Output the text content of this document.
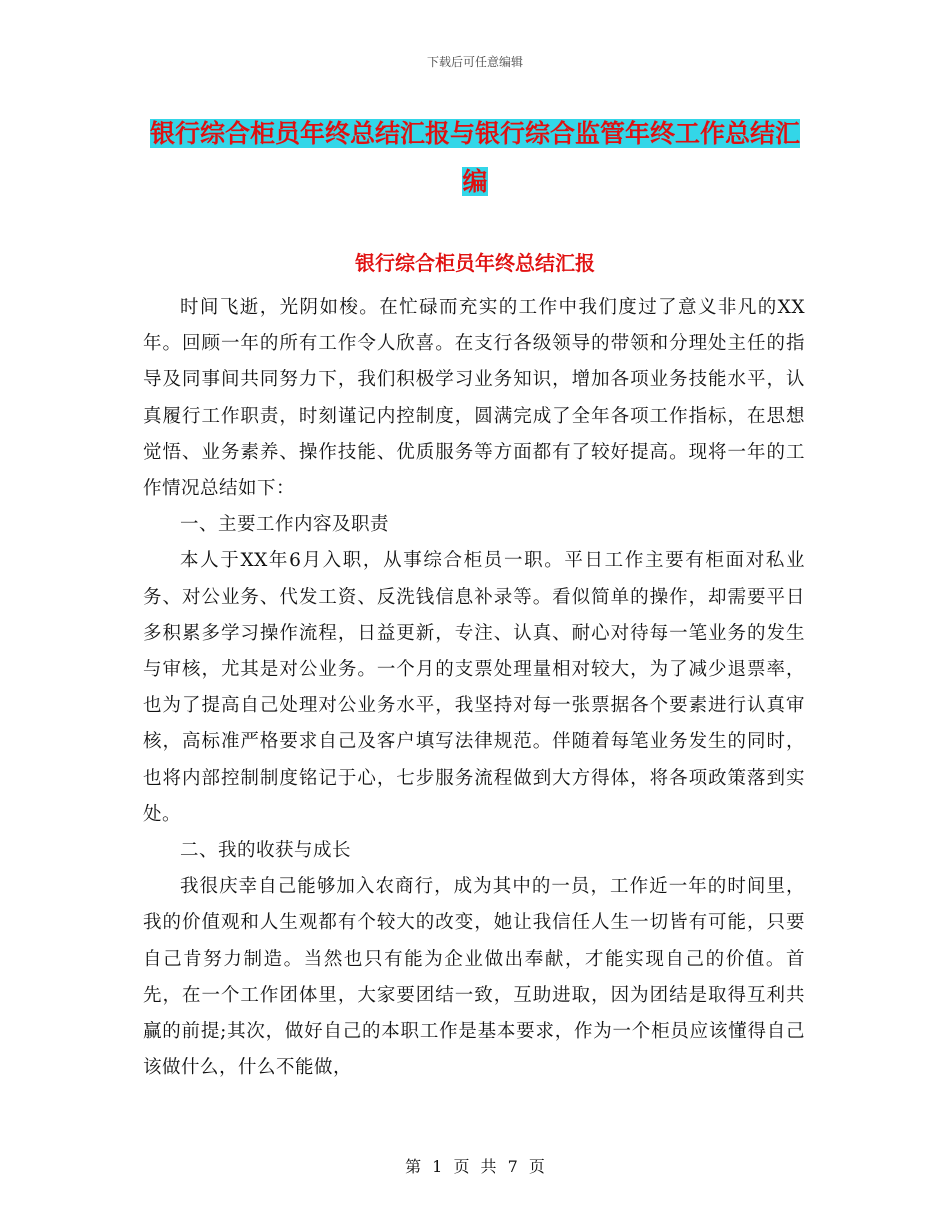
下载后可任意编辑
银行综合柜员年终总结汇报与银行综合监管年终工作总结汇编
银行综合柜员年终总结汇报

时间飞逝，光阴如梭。在忙碌而充实的工作中我们度过了意义非凡的XX年。回顾一年的所有工作令人欣喜。在支行各级领导的带领和分理处主任的指导及同事间共同努力下，我们积极学习业务知识，增加各项业务技能水平，认真履行工作职责，时刻谨记内控制度，圆满完成了全年各项工作指标，在思想觉悟、业务素养、操作技能、优质服务等方面都有了较好提高。现将一年的工作情况总结如下：

一、主要工作内容及职责

本人于XX年6月入职，从事综合柜员一职。平日工作主要有柜面对私业务、对公业务、代发工资、反洗钱信息补录等。看似简单的操作，却需要平日多积累多学习操作流程，日益更新，专注、认真、耐心对待每一笔业务的发生与审核，尤其是对公业务。一个月的支票处理量相对较大，为了减少退票率，也为了提高自己处理对公业务水平，我坚持对每一张票据各个要素进行认真审核，高标准严格要求自己及客户填写法律规范。伴随着每笔业务发生的同时，也将内部控制制度铭记于心，七步服务流程做到大方得体，将各项政策落到实处。

二、我的收获与成长

我很庆幸自己能够加入农商行，成为其中的一员，工作近一年的时间里，我的价值观和人生观都有个较大的改变，她让我信任人生一切皆有可能，只要自己肯努力制造。当然也只有能为企业做出奉献，才能实现自己的价值。首先，在一个工作团体里，大家要团结一致，互助进取，因为团结是取得互利共赢的前提;其次，做好自己的本职工作是基本要求，作为一个柜员应该懂得自己该做什么，什么不能做，

第 1 页 共 7 页
